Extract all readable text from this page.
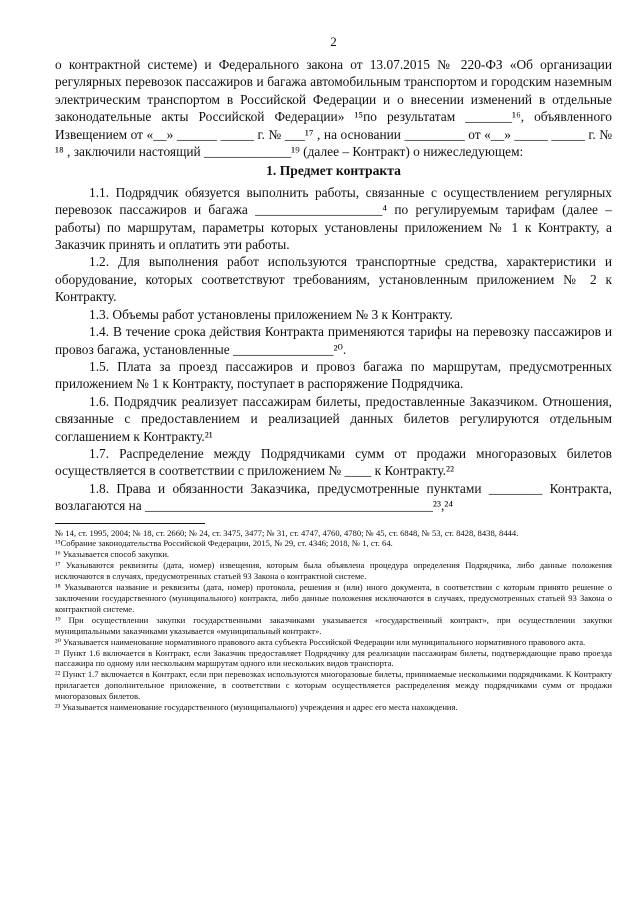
2

о контрактной системе) и Федерального закона от 13.07.2015 № 220-ФЗ «Об организации регулярных перевозок пассажиров и багажа автомобильным транспортом и городским наземным электрическим транспортом в Российской Федерации и о внесении изменений в отдельные законодательные акты Российской Федерации» ¹⁵по результатам _______¹⁶, объявленного Извещением от «__» ______ _____ г. № ___¹⁷ , на основании _________ от «__» _____ _____ г. № ¹⁸ , заключили настоящий _____________¹⁹ (далее – Контракт) о нижеследующем:

1. Предмет контракта

1.1. Подрядчик обязуется выполнить работы, связанные с осуществлением регулярных перевозок пассажиров и багажа ___________________⁴ по регулируемым тарифам (далее – работы) по маршрутам, параметры которых установлены приложением № 1 к Контракту, а Заказчик принять и оплатить эти работы.

1.2. Для выполнения работ используются транспортные средства, характеристики и оборудование, которых соответствуют требованиям, установленным приложением № 2 к Контракту.

1.3. Объемы работ установлены приложением № 3 к Контракту.

1.4. В течение срока действия Контракта применяются тарифы на перевозку пассажиров и провоз багажа, установленные _______________²⁰.

1.5. Плата за проезд пассажиров и провоз багажа по маршрутам, предусмотренных приложением № 1 к Контракту, поступает в распоряжение Подрядчика.

1.6. Подрядчик реализует пассажирам билеты, предоставленные Заказчиком. Отношения, связанные с предоставлением и реализацией данных билетов регулируются отдельным соглашением к Контракту.²¹

1.7. Распределение между Подрядчиками сумм от продажи многоразовых билетов осуществляется в соответствии с приложением № ____ к Контракту.²²

1.8. Права и обязанности Заказчика, предусмотренные пунктами ________ Контракта, возлагаются на ___________________________________________²³,²⁴

№ 14, ст. 1995, 2004; № 18, ст. 2660; № 24, ст. 3475, 3477; № 31, ст. 4747, 4760, 4780; № 45, ст. 6848, № 53, ст. 8428, 8438, 8444.

¹⁵Собрание законодательства Российской Федерации, 2015, № 29, ст. 4346; 2018, № 1, ст. 64.

¹⁶ Указывается способ закупки.

¹⁷ Указываются реквизиты (дата, номер) извещения, которым была объявлена процедура определения Подрядчика, либо данные положения исключаются в случаях, предусмотренных статьей 93 Закона о контрактной системе.

¹⁸ Указываются название и реквизиты (дата, номер) протокола, решения и (или) иного документа, в соответствии с которым принято решение о заключении государственного (муниципального) контракта, либо данные положения исключаются в случаях, предусмотренных статьей 93 Закона о контрактной системе.

¹⁹ При осуществлении закупки государственными заказчиками указывается «государственный контракт», при осуществлении закупки муниципальными заказчиками указывается «муниципальный контракт».

²⁰ Указывается наименование нормативного правового акта субъекта Российской Федерации или муниципального нормативного правового акта.

²¹ Пункт 1.6 включается в Контракт, если Заказчик предоставляет Подрядчику для реализации пассажирам билеты, подтверждающие право проезда пассажира по одному или нескольким маршрутам одного или нескольких видов транспорта.

²² Пункт 1.7 включается в Контракт, если при перевозках используются многоразовые билеты, принимаемые несколькими подрядчиками. К Контракту прилагается дополнительное приложение, в соответствии с которым осуществляется распределения между подрядчиками сумм от продажи многоразовых билетов.

²³ Указывается наименование государственного (муниципального) учреждения и адрес его места нахождения.
